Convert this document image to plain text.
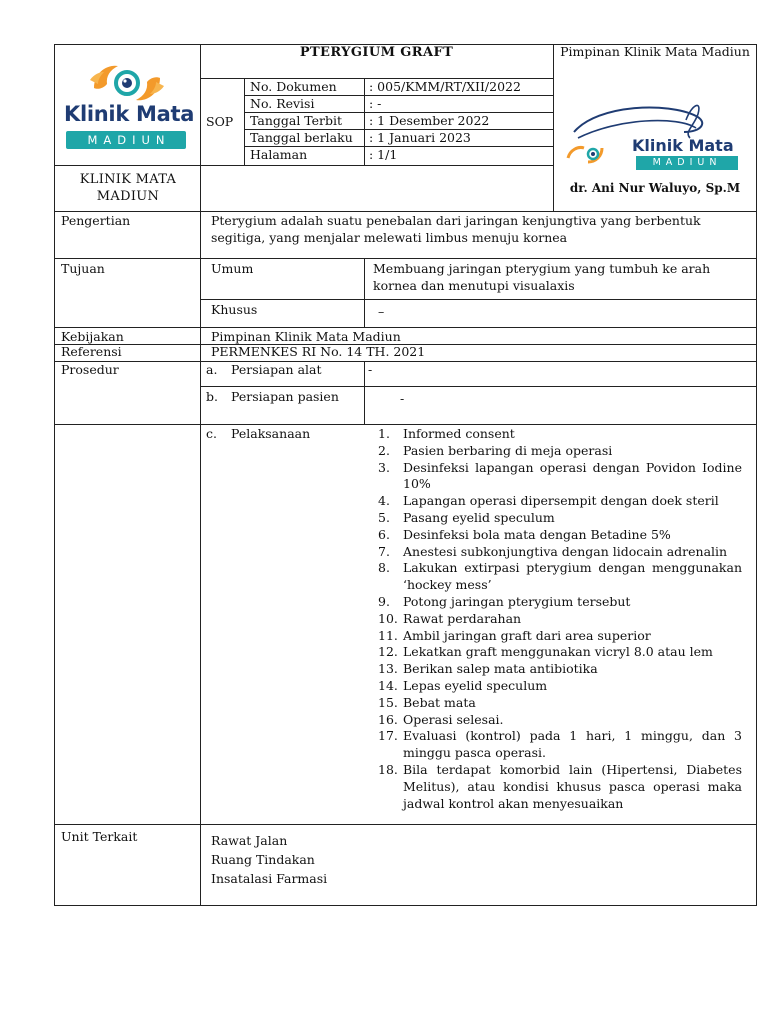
Klinik Mata
MADIUN
PTERYGIUM GRAFT
SOP
No. Dokumen	: 005/KMM/RT/XII/2022
No. Revisi	: -
Tanggal Terbit : 1 Desember 2022
Tanggal berlaku : 1 Januari 2023
Halaman	: 1/1
KLINIK MATA MADIUN
Pimpinan Klinik Mata Madiun
Klinik Mata
MADIUN
dr. Ani Nur Waluyo, Sp.M
Pengertian	Pterygium adalah suatu penebalan dari jaringan kenjungtiva yang berbentuk segitiga, yang menjalar melewati limbus menuju kornea
Tujuan	Umum	Membuang jaringan pterygium yang tumbuh ke arah kornea dan menutupi visualaxis
Khusus	–
Kebijakan	Pimpinan Klinik Mata Madiun
Referensi	PERMENKES RI No. 14 TH. 2021
Prosedur	a. Persiapan alat	-
b. Persiapan pasien	-
c. Pelaksanaan	1. Informed consent
2. Pasien berbaring di meja operasi
3. Desinfeksi lapangan operasi dengan Povidon Iodine 10%
4. Lapangan operasi dipersempit dengan doek steril
5. Pasang eyelid speculum
6. Desinfeksi bola mata dengan Betadine 5%
7. Anestesi subkonjungtiva dengan lidocain adrenalin
8. Lakukan extirpasi pterygium dengan menggunakan ‘hockey mess’
9. Potong jaringan pterygium tersebut
10. Rawat perdarahan
11. Ambil jaringan graft dari area superior
12. Lekatkan graft menggunakan vicryl 8.0 atau lem
13. Berikan salep mata antibiotika
14. Lepas eyelid speculum
15. Bebat mata
16. Operasi selesai.
17. Evaluasi (kontrol) pada 1 hari, 1 minggu, dan 3 minggu pasca operasi.
18. Bila terdapat komorbid lain (Hipertensi, Diabetes Melitus), atau kondisi khusus pasca operasi maka jadwal kontrol akan menyesuaikan
Unit Terkait	Rawat Jalan
Ruang Tindakan
Insatalasi Farmasi
